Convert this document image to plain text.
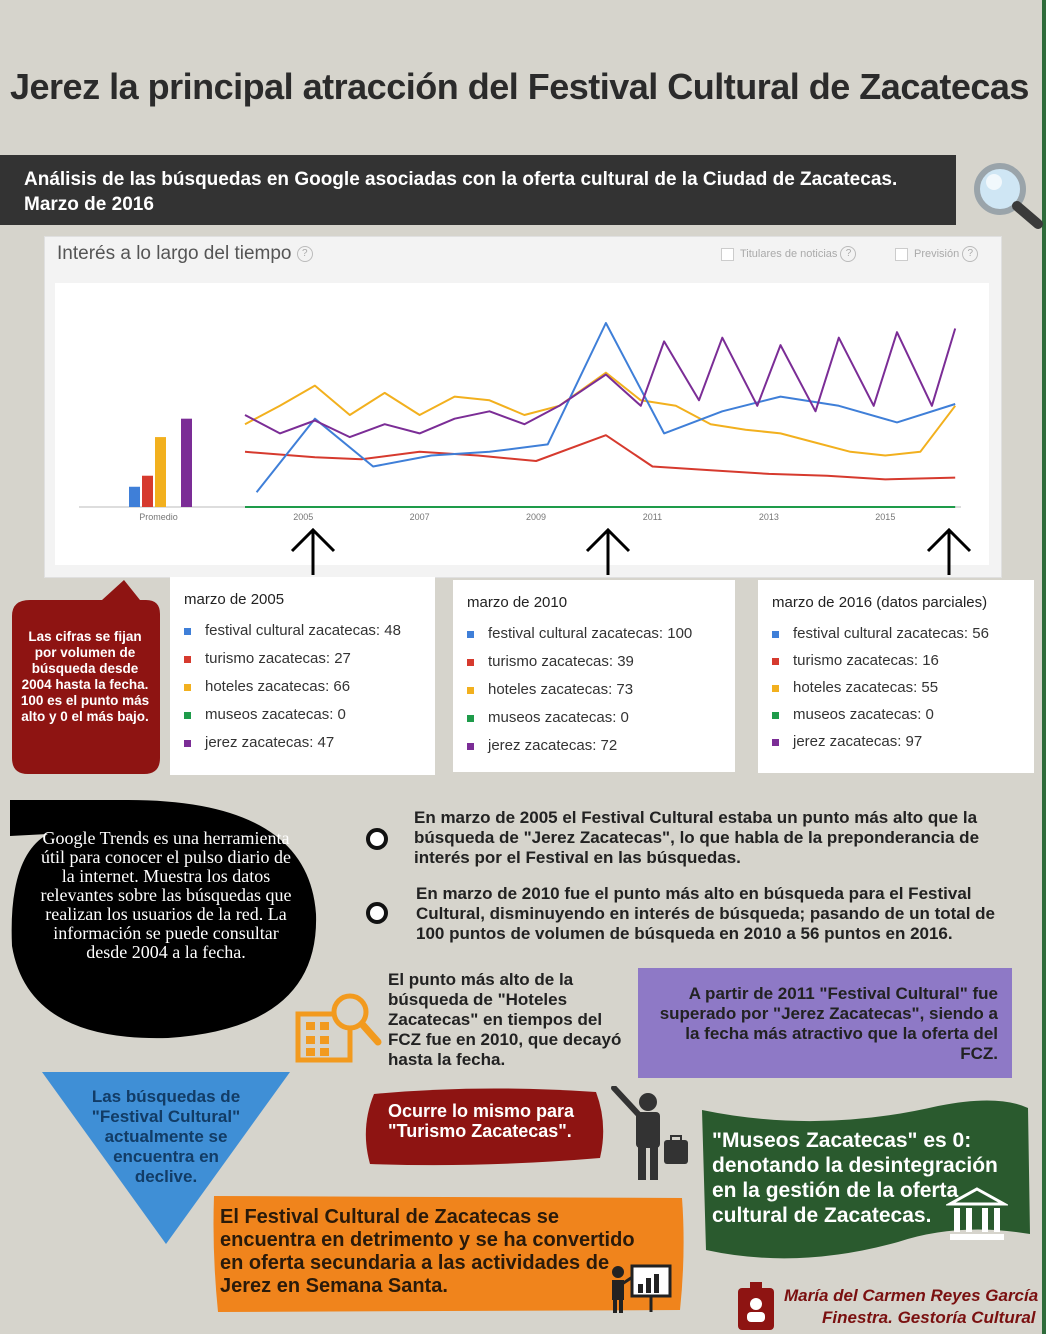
Jerez la principal atracción del Festival Cultural de Zacatecas
Análisis de las búsquedas en Google asociadas con la oferta cultural de la Ciudad de Zacatecas.
Marzo de 2016
Interés a lo largo del tiempo ?	Titulares de noticias ?	Previsión ?
Promedio	2005	2007	2009	2011	2013	2015
marzo de 2005
festival cultural zacatecas: 48
turismo zacatecas: 27
hoteles zacatecas: 66
museos zacatecas: 0
jerez zacatecas: 47
marzo de 2010
festival cultural zacatecas: 100
turismo zacatecas: 39
hoteles zacatecas: 73
museos zacatecas: 0
jerez zacatecas: 72
marzo de 2016 (datos parciales)
festival cultural zacatecas: 56
turismo zacatecas: 16
hoteles zacatecas: 55
museos zacatecas: 0
jerez zacatecas: 97
Las cifras se fijan por volumen de búsqueda desde 2004 hasta la fecha. 100 es el punto más alto y 0 el más bajo.
Google Trends es una herramienta útil para conocer el pulso diario de la internet. Muestra los datos relevantes sobre las búsquedas que realizan los usuarios de la red. La información se puede consultar desde 2004 a la fecha.
En marzo de 2005 el Festival Cultural estaba un punto más alto que la búsqueda de "Jerez Zacatecas", lo que habla de la preponderancia de interés por el Festival en las búsquedas.
En marzo de 2010 fue el punto más alto en búsqueda para el Festival Cultural, disminuyendo en interés de búsqueda; pasando de un total de 100 puntos de volumen de búsqueda en 2010 a 56 puntos en 2016.
El punto más alto de la búsqueda de "Hoteles Zacatecas" en tiempos del FCZ fue en 2010, que decayó hasta la fecha.
A partir de 2011 "Festival Cultural" fue superado por "Jerez Zacatecas", siendo a la fecha más atractivo que la oferta del FCZ.
Las búsquedas de "Festival Cultural" actualmente se encuentra en declive.
Ocurre lo mismo para "Turismo Zacatecas".	"Museos Zacatecas" es 0: denotando la desintegración en la gestión de la oferta cultural de Zacatecas.
El Festival Cultural de Zacatecas se encuentra en detrimento y se ha convertido en oferta secundaria a las actividades de Jerez en Semana Santa.	María del Carmen Reyes García
Finestra. Gestoría Cultural
